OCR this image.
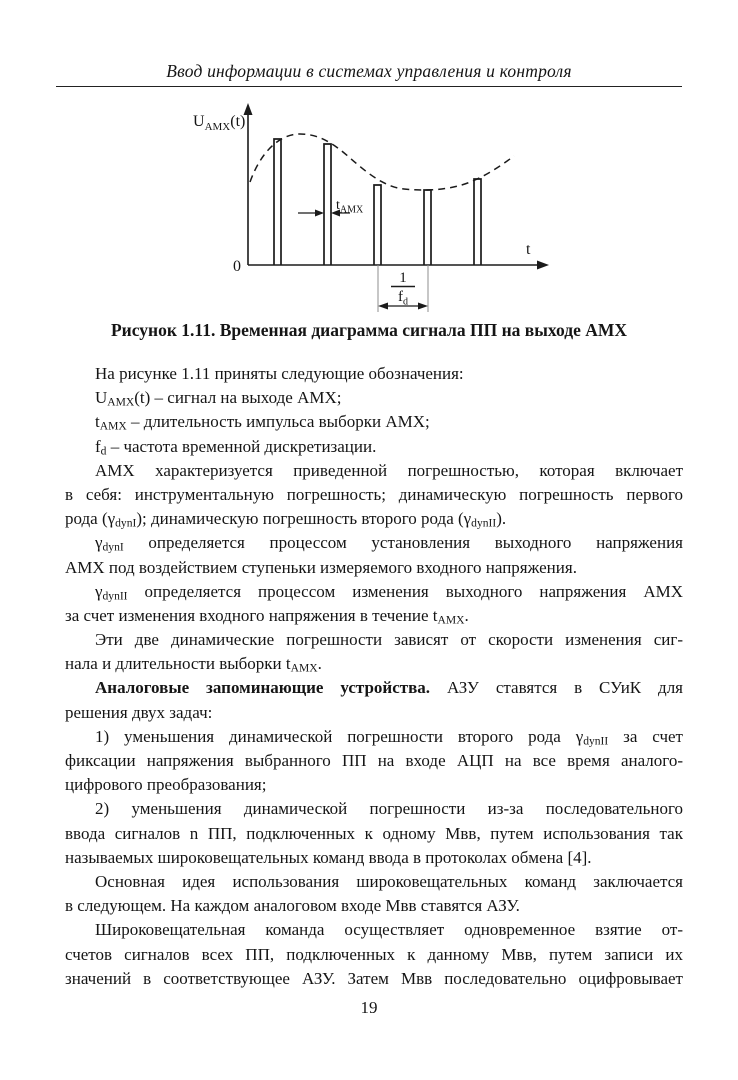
Ввод информации в системах управления и контроля
0
t
$U_{АМХ}(t)$
$t_{АМХ}$
1
$f_d$
Рисунок 1.11. Временная диаграмма сигнала ПП на выходе АМХ
На рисунке 1.11 приняты следующие обозначения:
$U_{АМХ}(t)$ – сигнал на выходе АМХ;
$t_{АМХ}$ – длительность импульса выборки АМХ;
$f_d$ – частота временной дискретизации.
АМХ характеризуется приведенной погрешностью, которая включает
в себя: инструментальную погрешность; динамическую погрешность первого
рода $(\gamma_{dynI})$; динамическую погрешность второго рода $(\gamma_{dynII})$.
$\gamma_{dynI}$ определяется процессом установления выходного напряжения
АМХ под воздействием ступеньки измеряемого входного напряжения.
$\gamma_{dynII}$ определяется процессом изменения выходного напряжения АМХ
за счет изменения входного напряжения в течение $t_{АМХ}$.
Эти две динамические погрешности зависят от скорости изменения сиг-
нала и длительности выборки $t_{АМХ}$.
Аналоговые запоминающие устройства. АЗУ ставятся в СУиК для
решения двух задач:
1) уменьшения динамической погрешности второго рода $\gamma_{dynII}$ за счет
фиксации напряжения выбранного ПП на входе АЦП на все время аналого-
цифрового преобразования;
2) уменьшения динамической погрешности из-за последовательного
ввода сигналов n ПП, подключенных к одному Мвв, путем использования так
называемых широковещательных команд ввода в протоколах обмена [4].
Основная идея использования широковещательных команд заключается
в следующем. На каждом аналоговом входе Мвв ставятся АЗУ.
Широковещательная команда осуществляет одновременное взятие от-
счетов сигналов всех ПП, подключенных к данному Мвв, путем записи их
значений в соответствующее АЗУ. Затем Мвв последовательно оцифровывает
19
